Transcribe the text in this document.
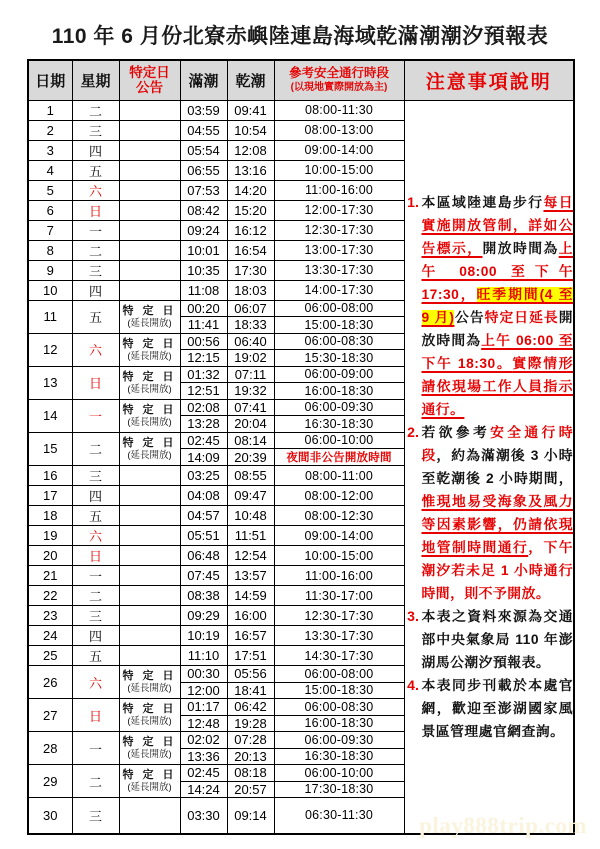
110 年 6 月份北寮赤嶼陸連島海域乾滿潮潮汐預報表
日期	星期	特定日
公告	滿潮	乾潮	參考安全通行時段
(以現地實際開放為主)	注意事項說明
1	二		03:59	09:41	08:00-11:30	
1. 本區域陸連島步行每日實施開放管制，詳如公告標示，開放時間為上午 08:00 至下午 17:30，旺季期間(4 至 9 月)公告特定日延長開放時間為上午 06:00 至下午 18:30。實際情形請依現場工作人員指示通行。
2. 若欲參考安全通行時段，約為滿潮後 3 小時至乾潮後 2 小時期間，惟現地易受海象及風力等因素影響，仍請依現地管制時間通行，下午潮汐若未足 1 小時通行時間，則不予開放。
3. 本表之資料來源為交通部中央氣象局 110 年澎湖馬公潮汐預報表。
4. 本表同步刊載於本處官網，歡迎至澎湖國家風景區管理處官網查詢。

2	三		04:55	10:54	08:00-13:00	
3	四		05:54	12:08	09:00-14:00	
4	五		06:55	13:16	10:00-15:00	
5	六		07:53	14:20	11:00-16:00	
6	日		08:42	15:20	12:00-17:30	
7	一		09:24	16:12	12:30-17:30	
8	二		10:01	16:54	13:00-17:30	
9	三		10:35	17:30	13:30-17:30	
10	四		11:08	18:03	14:00-17:30	
11	五	特 定 日
(延長開放)	00:20	06:07	06:00-08:00	
			11:41	18:33	15:00-18:30	
12	六	特 定 日
(延長開放)	00:56	06:40	06:00-08:30	
			12:15	19:02	15:30-18:30	
13	日	特 定 日
(延長開放)	01:32	07:11	06:00-09:00	
			12:51	19:32	16:00-18:30	
14	一	特 定 日
(延長開放)	02:08	07:41	06:00-09:30	
			13:28	20:04	16:30-18:30	
15	二	特 定 日
(延長開放)	02:45	08:14	06:00-10:00	
			14:09	20:39	夜間非公告開放時間	
16	三		03:25	08:55	08:00-11:00	
17	四		04:08	09:47	08:00-12:00	
18	五		04:57	10:48	08:00-12:30	
19	六		05:51	11:51	09:00-14:00	
20	日		06:48	12:54	10:00-15:00	
21	一		07:45	13:57	11:00-16:00	
22	二		08:38	14:59	11:30-17:00	
23	三		09:29	16:00	12:30-17:30	
24	四		10:19	16:57	13:30-17:30	
25	五		11:10	17:51	14:30-17:30	
26	六	特 定 日
(延長開放)	00:30	05:56	06:00-08:00	
			12:00	18:41	15:00-18:30	
27	日	特 定 日
(延長開放)	01:17	06:42	06:00-08:30	
			12:48	19:28	16:00-18:30	
28	一	特 定 日
(延長開放)	02:02	07:28	06:00-09:30	
			13:36	20:13	16:30-18:30	
29	二	特 定 日
(延長開放)	02:45	08:18	06:00-10:00	
			14:24	20:57	17:30-18:30	
30	三		03:30	09:14	06:30-11:30	play888trip.com
